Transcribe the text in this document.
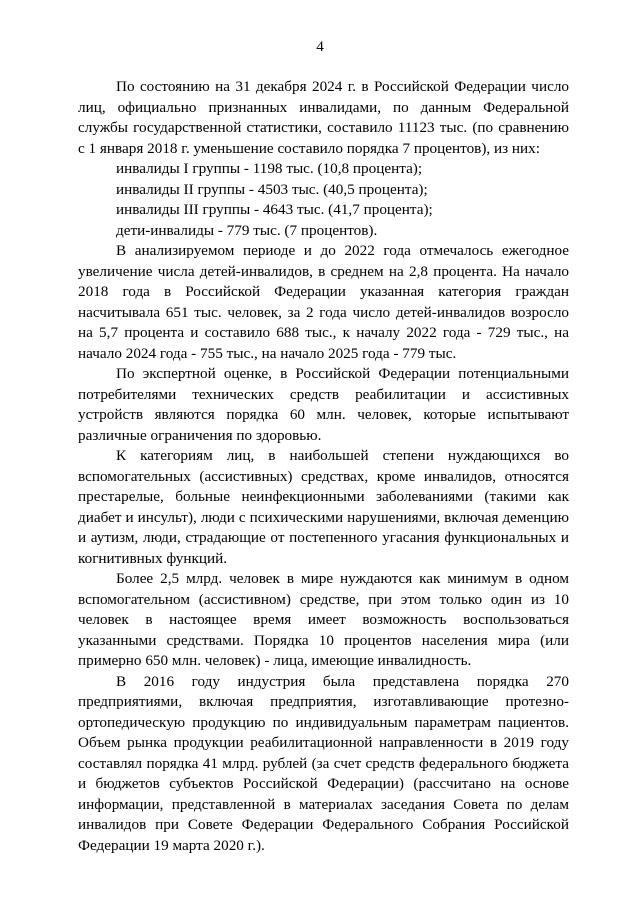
4

По состоянию на 31 декабря 2024 г. в Российской Федерации число лиц, официально признанных инвалидами, по данным Федеральной службы государственной статистики, составило 11123 тыс. (по сравнению с 1 января 2018 г. уменьшение составило порядка 7 процентов), из них:

инвалиды I группы - 1198 тыс. (10,8 процента);

инвалиды II группы - 4503 тыс. (40,5 процента);

инвалиды III группы - 4643 тыс. (41,7 процента);

дети-инвалиды - 779 тыс. (7 процентов).

В анализируемом периоде и до 2022 года отмечалось ежегодное увеличение числа детей-инвалидов, в среднем на 2,8 процента. На начало 2018 года в Российской Федерации указанная категория граждан насчитывала 651 тыс. человек, за 2 года число детей-инвалидов возросло на 5,7 процента и составило 688 тыс., к началу 2022 года - 729 тыс., на начало 2024 года - 755 тыс., на начало 2025 года - 779 тыс.

По экспертной оценке, в Российской Федерации потенциальными потребителями технических средств реабилитации и ассистивных устройств являются порядка 60 млн. человек, которые испытывают различные ограничения по здоровью.

К категориям лиц, в наибольшей степени нуждающихся во вспомогательных (ассистивных) средствах, кроме инвалидов, относятся престарелые, больные неинфекционными заболеваниями (такими как диабет и инсульт), люди с психическими нарушениями, включая деменцию и аутизм, люди, страдающие от постепенного угасания функциональных и когнитивных функций.

Более 2,5 млрд. человек в мире нуждаются как минимум в одном вспомогательном (ассистивном) средстве, при этом только один из 10 человек в настоящее время имеет возможность воспользоваться указанными средствами. Порядка 10 процентов населения мира (или примерно 650 млн. человек) - лица, имеющие инвалидность.

В 2016 году индустрия была представлена порядка 270 предприятиями, включая предприятия, изготавливающие протезно-ортопедическую продукцию по индивидуальным параметрам пациентов. Объем рынка продукции реабилитационной направленности в 2019 году составлял порядка 41 млрд. рублей (за счет средств федерального бюджета и бюджетов субъектов Российской Федерации) (рассчитано на основе информации, представленной в материалах заседания Совета по делам инвалидов при Совете Федерации Федерального Собрания Российской Федерации 19 марта 2020 г.).
